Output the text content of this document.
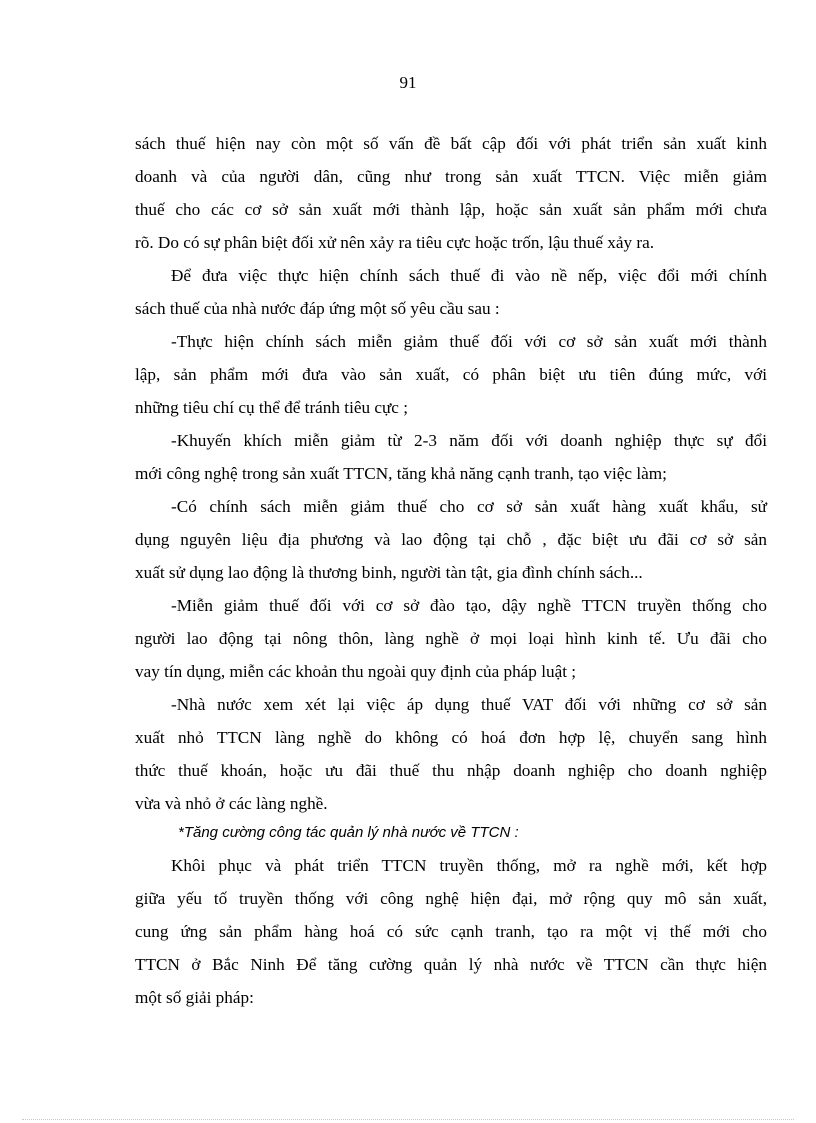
91
sách thuế hiện nay còn một số vấn đề bất cập đối với phát triển sản xuất kinh
doanh và của người dân, cũng như trong sản xuất TTCN. Việc miễn giảm
thuế cho các cơ sở sản xuất mới thành lập, hoặc sản xuất sản phẩm mới chưa
rõ. Do có sự phân biệt đối xử nên xảy ra tiêu cực hoặc trốn, lậu thuế xảy ra.
Để đưa việc thực hiện chính sách thuế đi vào nề nếp, việc đổi mới chính
sách thuế của nhà nước đáp ứng một số yêu cầu sau :
-Thực hiện chính sách miễn giảm thuế đối với cơ sở sản xuất mới thành
lập, sản phẩm mới đưa vào sản xuất, có phân biệt ưu tiên đúng mức, với
những tiêu chí cụ thể để tránh tiêu cực ;
-Khuyến khích miễn giảm từ 2-3 năm đối với doanh nghiệp thực sự đổi
mới công nghệ trong sản xuất TTCN, tăng khả năng cạnh tranh, tạo việc làm;
-Có chính sách miễn giảm thuế cho cơ sở sản xuất hàng xuất khẩu, sử
dụng nguyên liệu địa phương và lao động tại chỗ , đặc biệt ưu đãi cơ sở sản
xuất sử dụng lao động là thương binh, người tàn tật, gia đình chính sách...
-Miễn giảm thuế đối với cơ sở đào tạo, dậy nghề TTCN truyền thống cho
người lao động tại nông thôn, làng nghề ở mọi loại hình kinh tế. Ưu đãi cho
vay tín dụng, miễn các khoản thu ngoài quy định của pháp luật ;
-Nhà nước xem xét lại việc áp dụng thuế VAT đối với những cơ sở sản
xuất nhỏ TTCN làng nghề do không có hoá đơn hợp lệ, chuyển sang hình
thức thuế khoán, hoặc ưu đãi thuế thu nhập doanh nghiệp cho doanh nghiệp
vừa và nhỏ ở các làng nghề.
*Tăng cường công tác quản lý nhà nước về TTCN :
Khôi phục và phát triển TTCN truyền thống, mở ra nghề mới, kết hợp
giữa yếu tố truyền thống với công nghệ hiện đại, mở rộng quy mô sản xuất,
cung ứng sản phẩm hàng hoá có sức cạnh tranh, tạo ra một vị thế mới cho
TTCN ở Bắc Ninh Để tăng cường quản lý nhà nước về TTCN cần thực hiện
một số giải pháp:
